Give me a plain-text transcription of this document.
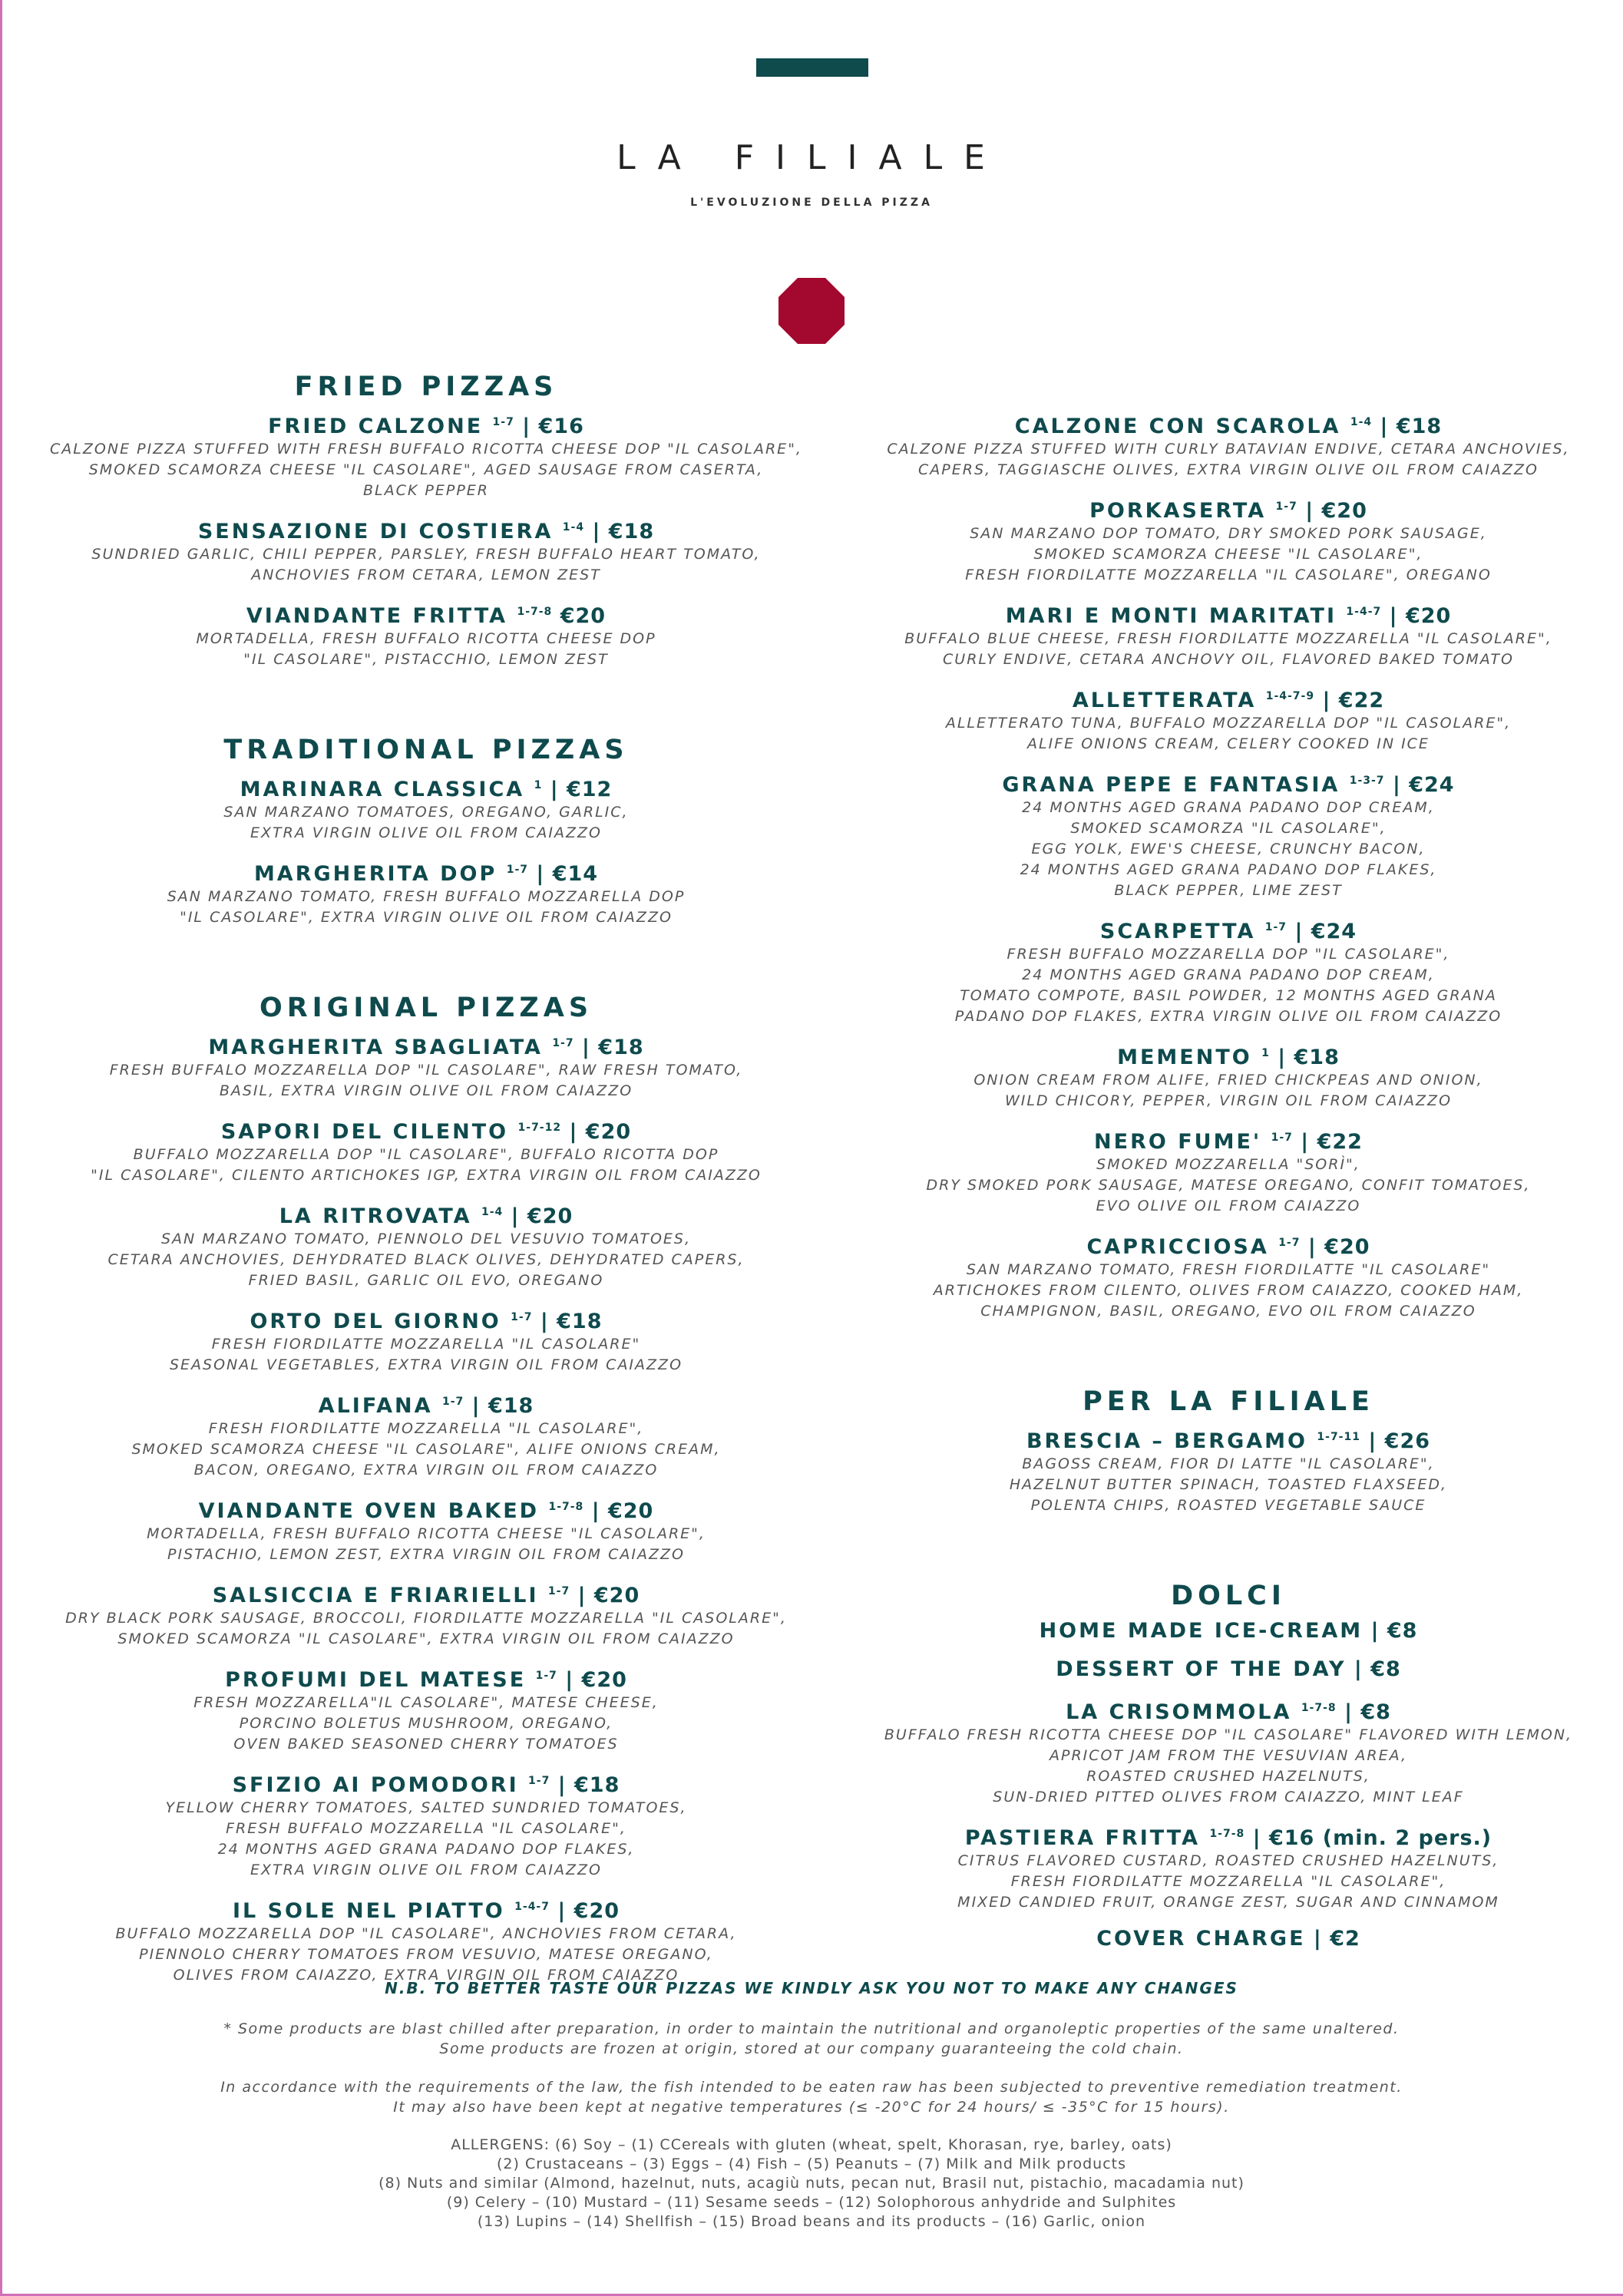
LA FILIALE
L'EVOLUZIONE DELLA PIZZA
FRIED PIZZAS
FRIED CALZONE $^{1-7}$ | €16
CALZONE PIZZA STUFFED WITH FRESH BUFFALO RICOTTA CHEESE DOP "IL CASOLARE",
SMOKED SCAMORZA CHEESE "IL CASOLARE", AGED SAUSAGE FROM CASERTA,
BLACK PEPPER
SENSAZIONE DI COSTIERA $^{1-4}$ | €18
SUNDRIED GARLIC, CHILI PEPPER, PARSLEY, FRESH BUFFALO HEART TOMATO,
ANCHOVIES FROM CETARA, LEMON ZEST
VIANDANTE FRITTA $^{1-7-8}$ €20
MORTADELLA, FRESH BUFFALO RICOTTA CHEESE DOP
"IL CASOLARE", PISTACCHIO, LEMON ZEST
TRADITIONAL PIZZAS
MARINARA CLASSICA $^1$ | €12
SAN MARZANO TOMATOES, OREGANO, GARLIC,
EXTRA VIRGIN OLIVE OIL FROM CAIAZZO
MARGHERITA DOP $^{1-7}$ | €14
SAN MARZANO TOMATO, FRESH BUFFALO MOZZARELLA DOP
"IL CASOLARE", EXTRA VIRGIN OLIVE OIL FROM CAIAZZO
ORIGINAL PIZZAS
MARGHERITA SBAGLIATA $^{1-7}$ | €18
FRESH BUFFALO MOZZARELLA DOP "IL CASOLARE", RAW FRESH TOMATO,
BASIL, EXTRA VIRGIN OLIVE OIL FROM CAIAZZO
SAPORI DEL CILENTO $^{1-7-12}$ | €20
BUFFALO MOZZARELLA DOP "IL CASOLARE", BUFFALO RICOTTA DOP
"IL CASOLARE", CILENTO ARTICHOKES IGP, EXTRA VIRGIN OIL FROM CAIAZZO
LA RITROVATA $^{1-4}$ | €20
SAN MARZANO TOMATO, PIENNOLO DEL VESUVIO TOMATOES,
CETARA ANCHOVIES, DEHYDRATED BLACK OLIVES, DEHYDRATED CAPERS,
FRIED BASIL, GARLIC OIL EVO, OREGANO
ORTO DEL GIORNO $^{1-7}$ | €18
FRESH FIORDILATTE MOZZARELLA "IL CASOLARE"
SEASONAL VEGETABLES, EXTRA VIRGIN OIL FROM CAIAZZO
ALIFANA $^{1-7}$ | €18
FRESH FIORDILATTE MOZZARELLA "IL CASOLARE",
SMOKED SCAMORZA CHEESE "IL CASOLARE", ALIFE ONIONS CREAM,
BACON, OREGANO, EXTRA VIRGIN OIL FROM CAIAZZO
VIANDANTE OVEN BAKED $^{1-7-8}$ | €20
MORTADELLA, FRESH BUFFALO RICOTTA CHEESE "IL CASOLARE",
PISTACHIO, LEMON ZEST, EXTRA VIRGIN OIL FROM CAIAZZO
SALSICCIA E FRIARIELLI $^{1-7}$ | €20
DRY BLACK PORK SAUSAGE, BROCCOLI, FIORDILATTE MOZZARELLA "IL CASOLARE",
SMOKED SCAMORZA "IL CASOLARE", EXTRA VIRGIN OIL FROM CAIAZZO
PROFUMI DEL MATESE $^{1-7}$ | €20
FRESH MOZZARELLA"IL CASOLARE", MATESE CHEESE,
PORCINO BOLETUS MUSHROOM, OREGANO,
OVEN BAKED SEASONED CHERRY TOMATOES
SFIZIO AI POMODORI $^{1-7}$ | €18
YELLOW CHERRY TOMATOES, SALTED SUNDRIED TOMATOES,
FRESH BUFFALO MOZZARELLA "IL CASOLARE",
24 MONTHS AGED GRANA PADANO DOP FLAKES,
EXTRA VIRGIN OLIVE OIL FROM CAIAZZO
IL SOLE NEL PIATTO $^{1-4-7}$ | €20
BUFFALO MOZZARELLA DOP "IL CASOLARE", ANCHOVIES FROM CETARA,
PIENNOLO CHERRY TOMATOES FROM VESUVIO, MATESE OREGANO,
OLIVES FROM CAIAZZO, EXTRA VIRGIN OIL FROM CAIAZZO
CALZONE CON SCAROLA $^{1-4}$ | €18
CALZONE PIZZA STUFFED WITH CURLY BATAVIAN ENDIVE, CETARA ANCHOVIES,
CAPERS, TAGGIASCHE OLIVES, EXTRA VIRGIN OLIVE OIL FROM CAIAZZO
PORKASERTA $^{1-7}$ | €20
SAN MARZANO DOP TOMATO, DRY SMOKED PORK SAUSAGE,
SMOKED SCAMORZA CHEESE "IL CASOLARE",
FRESH FIORDILATTE MOZZARELLA "IL CASOLARE", OREGANO
MARI E MONTI MARITATI $^{1-4-7}$ | €20
BUFFALO BLUE CHEESE, FRESH FIORDILATTE MOZZARELLA "IL CASOLARE",
CURLY ENDIVE, CETARA ANCHOVY OIL, FLAVORED BAKED TOMATO
ALLETTERATA $^{1-4-7-9}$ | €22
ALLETTERATO TUNA, BUFFALO MOZZARELLA DOP "IL CASOLARE",
ALIFE ONIONS CREAM, CELERY COOKED IN ICE
GRANA PEPE E FANTASIA $^{1-3-7}$ | €24
24 MONTHS AGED GRANA PADANO DOP CREAM,
SMOKED SCAMORZA "IL CASOLARE",
EGG YOLK, EWE'S CHEESE, CRUNCHY BACON,
24 MONTHS AGED GRANA PADANO DOP FLAKES,
BLACK PEPPER, LIME ZEST
SCARPETTA $^{1-7}$ | €24
FRESH BUFFALO MOZZARELLA DOP "IL CASOLARE",
24 MONTHS AGED GRANA PADANO DOP CREAM,
TOMATO COMPOTE, BASIL POWDER, 12 MONTHS AGED GRANA
PADANO DOP FLAKES, EXTRA VIRGIN OLIVE OIL FROM CAIAZZO
MEMENTO $^1$ | €18
ONION CREAM FROM ALIFE, FRIED CHICKPEAS AND ONION,
WILD CHICORY, PEPPER, VIRGIN OIL FROM CAIAZZO
NERO FUME' $^{1-7}$ | €22
SMOKED MOZZARELLA "SORÌ",
DRY SMOKED PORK SAUSAGE, MATESE OREGANO, CONFIT TOMATOES,
EVO OLIVE OIL FROM CAIAZZO
CAPRICCIOSA $^{1-7}$ | €20
SAN MARZANO TOMATO, FRESH FIORDILATTE "IL CASOLARE"
ARTICHOKES FROM CILENTO, OLIVES FROM CAIAZZO, COOKED HAM,
CHAMPIGNON, BASIL, OREGANO, EVO OIL FROM CAIAZZO
PER LA FILIALE
BRESCIA – BERGAMO $^{1-7-11}$ | €26
BAGOSS CREAM, FIOR DI LATTE "IL CASOLARE",
HAZELNUT BUTTER SPINACH, TOASTED FLAXSEED,
POLENTA CHIPS, ROASTED VEGETABLE SAUCE
DOLCI
HOME MADE ICE-CREAM | €8
DESSERT OF THE DAY | €8
LA CRISOMMOLA $^{1-7-8}$ | €8
BUFFALO FRESH RICOTTA CHEESE DOP "IL CASOLARE" FLAVORED WITH LEMON,
APRICOT JAM FROM THE VESUVIAN AREA,
ROASTED CRUSHED HAZELNUTS,
SUN-DRIED PITTED OLIVES FROM CAIAZZO, MINT LEAF
PASTIERA FRITTA $^{1-7-8}$ | €16 (min. 2 pers.)
CITRUS FLAVORED CUSTARD, ROASTED CRUSHED HAZELNUTS,
FRESH FIORDILATTE MOZZARELLA "IL CASOLARE",
MIXED CANDIED FRUIT, ORANGE ZEST, SUGAR AND CINNAMOM
COVER CHARGE | €2
N.B. TO BETTER TASTE OUR PIZZAS WE KINDLY ASK YOU NOT TO MAKE ANY CHANGES
* Some products are blast chilled after preparation, in order to maintain the nutritional and organoleptic properties of the same unaltered.
Some products are frozen at origin, stored at our company guaranteeing the cold chain.
In accordance with the requirements of the law, the fish intended to be eaten raw has been subjected to preventive remediation treatment.
It may also have been kept at negative temperatures (≤ -20°C for 24 hours/ ≤ -35°C for 15 hours).
ALLERGENS: (6) Soy – (1) CCereals with gluten (wheat, spelt, Khorasan, rye, barley, oats)
(2) Crustaceans – (3) Eggs – (4) Fish – (5) Peanuts – (7) Milk and Milk products
(8) Nuts and similar (Almond, hazelnut, nuts, acagiù nuts, pecan nut, Brasil nut, pistachio, macadamia nut)
(9) Celery – (10) Mustard – (11) Sesame seeds – (12) Solophorous anhydride and Sulphites
(13) Lupins – (14) Shellfish – (15) Broad beans and its products – (16) Garlic, onion
